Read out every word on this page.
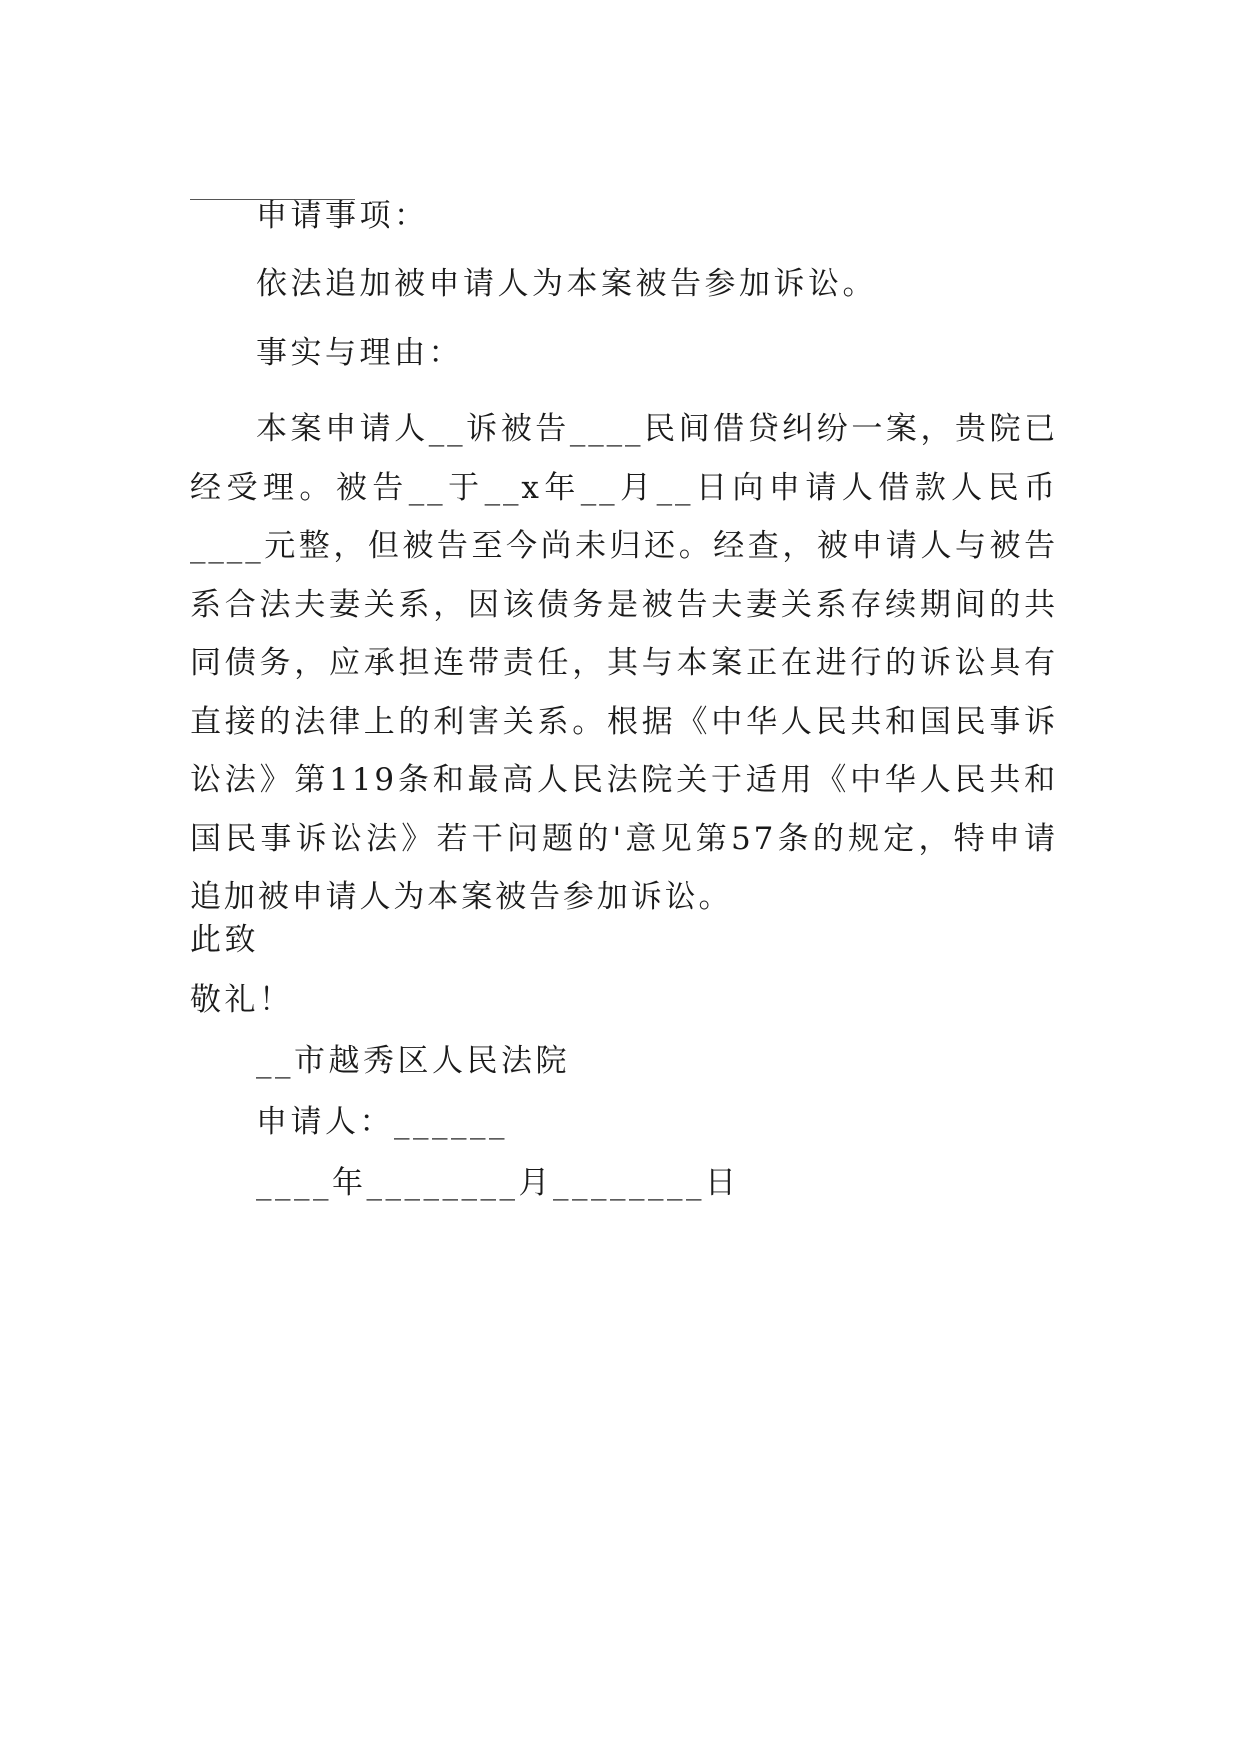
申请事项：
依法追加被申请人为本案被告参加诉讼。
事实与理由：
本案申请人__诉被告____民间借贷纠纷一案，贵院已经受理。被告__于__x年__月__日向申请人借款人民币____元整，但被告至今尚未归还。经查，被申请人与被告系合法夫妻关系，因该债务是被告夫妻关系存续期间的共同债务，应承担连带责任，其与本案正在进行的诉讼具有直接的法律上的利害关系。根据《中华人民共和国民事诉讼法》第119条和最高人民法院关于适用《中华人民共和国民事诉讼法》若干问题的'意见第57条的规定，特申请追加被申请人为本案被告参加诉讼。
此致
敬礼！
__市越秀区人民法院
申请人：______
____年________月________日
